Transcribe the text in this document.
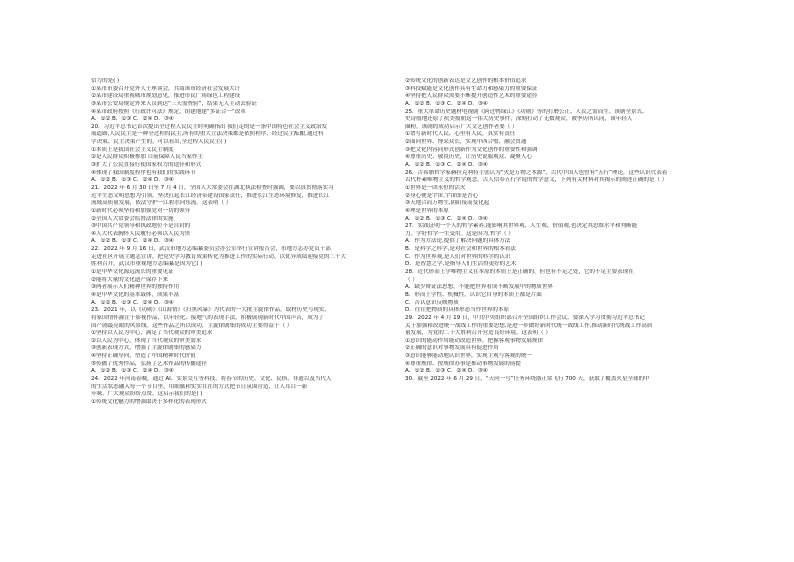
信力的是( )
①某市市委召开党外人士座谈会，共商该市经济社会发展大计
②某市建设局重视城市规划意见，推进市民广场绿色工程建设
③某市公安局规定外来人员到达“三天需查验”，结果无人主动去验证
④某市政府按照《行政许可法》规定，组建地建“多证合一”改革
A．①② B．①③ C．②④ D．③④
20．习近平总书记首次提出全过程人民民主时明确指出 我们走的是一条中国特色社会主义政治发
展道路,人民民主是一种全过程的民主,所有的重大立法决策都是依照程序、经过民主酝酿,通过科
学决策、民主决策产生的。可以看出,全过程人民民主( )
①本质上是我国社会主义民主制度
②是人民群众积极参加 目前保障人民当家作主
③扩大了公民直接行使国家权力的途径和形式
④体现了我国制度程序也有我们的实践环节
A．①② B．①③ C．②④ D．③④
21．2022 年 6 月 30 日至 7 月 4 日，全国人大常委会在湖北执法检查时强调，要以真贯彻落实习
近平生态文明思想为引领，坚决扛起长江经济带建设国家责任，推进长江生态环境修复，推进长江
流域高质量发展，依法守护一江碧水向东流。这表明（ ）
①新时代必须坚持和加强党对一切的领导
②全国人大常委会监督法律的实施
③中国共产党领导和执政地位不是自封的
④人大代表胸怀人民履行必须以人民为贵
A．①② B．①③ C．②④ D．③④
22．2022 年 9 月 16 日，武汉市地方志编纂委员会办公室举行宣讲报告会，市地方志办党员干部
走进社区开展主题志宣讲，把党史学习教育成果转化为推进工作的实际行动，以优异成绩迎接党的二十大
胜利召开，武汉市重视地方志编纂是因为它( )
①是中华文化源远流长的重要见证
②能将大量的文化遗产保存下来
③两者展示人们精神世界的独特作用
④是中华文化的基本载体，成果丰富
A．①② B．①③ C．②④ D．③④
23．2021 年，以《功勋》《山海情》《扫黑风暴》为代表的一大批主旋律作品，取材历史与现实，
将家国情怀灌注于影视作品，以年轻化、接地气的表现手法，积极展现新时代中国声音，成为了
国产剧最亮眼的风景线。这些作品之所以成功，主旋律剧集的成功主要得益于（ ）
①坚持以人民为中心，满足了当代观众的审美追求
②以人民为中心，体现了当代观众的审美需求
③创新表现方式，增强了主旋律剧集的感染力
④坚持正确导向，塑造了中国精神时代价值
⑤传播了优秀作品，弘扬了艺术作品的传播途径
A．①② B．①③ C．②④ D．③④
24．2022 年河南春晚，通过 AI、实景交互等科技，将春节的历史、文化、民俗、非遗以及当代人
的生活状态融入每一个节目里，用细腻和实实在在的方式把节日氛围营造，让人耳目一新
年味，广大观众纷纷点赞。这启示我们的是( )
①传统文化魅力的增强取决于多样化的表现形式
②传统文化的创新表达是文艺创作的根本价值追求
③科技赋能是文化创作具有生命力和感染力的重要保证
④坚持把人民群众需要不断提升创造性艺术的重要途径
A．①② B．①③ C．②④ D．③④
25．重大革命历史题材电视剧《跨过鸭绿江》《功勋》等的打磨公正、人民之需而生。该剧全景式、
史诗般地还原了抗美援朝这一伟大历史事件，深刻打动了无数观众。被季历所认同，该年轻人
圈粉，该剧的成功启示广大文艺创作者要（ ）
①谱写新时代人民、心里有人民，真实有责任
②面向世界、博采众长，实现中西合璧、融会贯通
③把文化内容同形式创新作为文化创作的重要性和强调
④尊重历史、敬畏历史，让历史说服观众、凝聚人心
A．①② B．①③ C．②④ D．③④
26．古希腊哲学家赫拉克利特主张认为“火是万物之本源”，古代中国人也曾有“五行”理论，这些认识代表着
古代朴素唯物主义的哲学观念。古人信奉五行学说的哲学意义，下列有关材料对其揭示的阐述正确的是（ ）
①世界是一团永恒的活火
②身心便是宇宙,宇宙即是吾心
③天地合而万物生,阴阳接而变化起
④理是世界的本原
A．①② B．①③ C．②④ D．③④
27．实践证明一个人的哲学素养,能影响其世界观、人生观、价值观,也决定其思维水平和判断能
力。学好哲学一生受用。这是因为,哲学（ ）
A．作为方法论,提供了解决问题的具体方法
B．是科学之科学,是对社会和世界的根本看法
C．作为世界观,是人们对世界的科学的认识
D．是智慧之学,是指导人们生活得更好的艺术
28．近代形而上学唯物主义在本原的本质上是正确的，但也有不足之处，它的不足主要表现在
（ ）
A．缺少辩证法思想，不能把世界看成不断发展中的物质世界
B．形而上学性、机械性，认识它自身的本质上都是片面
C．否认意识反映物质
D．往往把物质的具体形态当作世界的本原
29．2022 年 4 月 19 日，中共中央组织部召开全国组织工作会议，要深入学习贯彻习近平总书记
关于加强和改进统一战线工作的重要思想,是进一步做好新时代统一战线工作,推动新时代统战工作高质
量发展，为党的二十大胜利召开营造良好环境。这表明（ ）
①意识的能动作用能动改造世界，把握客观事物发展规律
②正确的意识对事物发展具有促进作用
③意识能够能动地认识世界，实现主观与客观的统一
④尊重规律、按规律办事是推动事物发展的前提
A．①② B．①③ C．②④ D．③④
30．截至 2022 年 6 月 29 日，“天问一号”任务环绕器正常飞行 700 天，获取了覆盖火星全球的中
